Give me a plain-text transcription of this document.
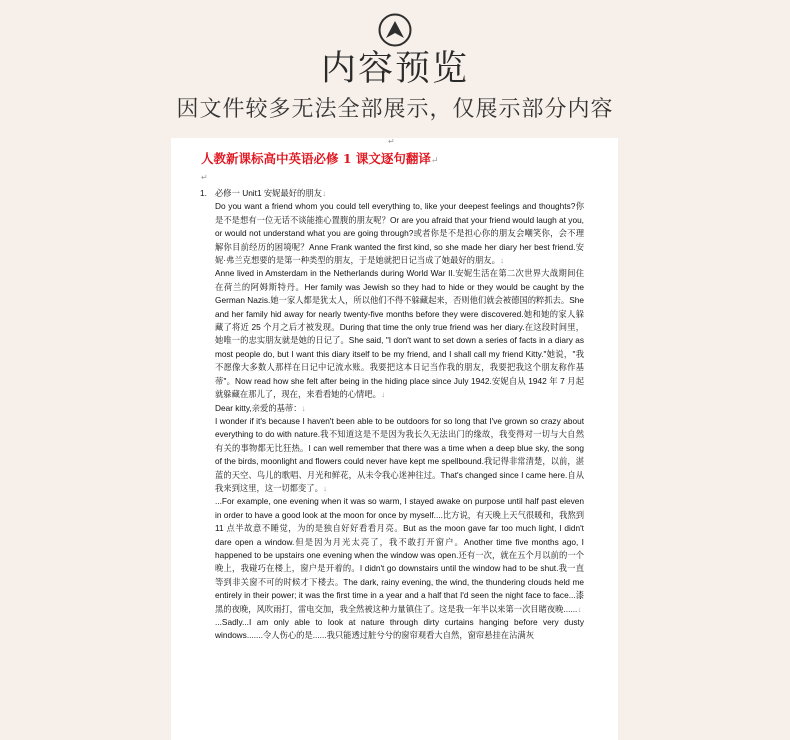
内容预览
因文件较多无法全部展示，仅展示部分内容
↵
人教新课标高中英语必修 1 课文逐句翻译↵
↵
1. 必修一 Unit1 安妮最好的朋友↓

Do you want a friend whom you could tell everything to, like your deepest feelings and thoughts?你是不是想有一位无话不谈能推心置腹的朋友呢？Or are you afraid that your friend would laugh at you, or would not understand what you are going through?或者你是不是担心你的朋友会嘲笑你，会不理解你目前经历的困境呢？Anne Frank wanted the first kind, so she made her diary her best friend.安妮·弗兰克想要的是第一种类型的朋友，于是她就把日记当成了她最好的朋友。↓

Anne lived in Amsterdam in the Netherlands during World War II.安妮生活在第二次世界大战期间住在荷兰的阿姆斯特丹。Her family was Jewish so they had to hide or they would be caught by the German Nazis.她一家人都是犹太人，所以他们不得不躲藏起来，否则他们就会被德国的粹抓去。She and her family hid away for nearly twenty-five months before they were discovered.她和她的家人躲藏了将近 25 个月之后才被发现。During that time the only true friend was her diary.在这段时间里，她唯一的忠实朋友就是她的日记了。She said, "I don't want to set down a series of facts in a diary as most people do, but I want this diary itself to be my friend, and I shall call my friend Kitty."她说，"我不愿像大多数人那样在日记中记流水账。我要把这本日记当作我的朋友，我要把我这个朋友称作基蒂"。Now read how she felt after being in the hiding place since July 1942.安妮自从 1942 年 7 月起就躲藏在那儿了，现在，来看看她的心情吧。↓

Dear kitty,亲爱的基蒂：↓

I wonder if it's because I haven't been able to be outdoors for so long that I've grown so crazy about everything to do with nature.我不知道这是不是因为我长久无法出门的缘故，我变得对一切与大自然有关的事物都无比狂热。I can well remember that there was a time when a deep blue sky, the song of the birds, moonlight and flowers could never have kept me spellbound.我记得非常清楚，以前，湛蓝的天空、鸟儿的歌唱、月光和鲜花，从未令我心迷神往过。That's changed since I came here.自从我来到这里，这一切都变了。↓

...For example, one evening when it was so warm, I stayed awake on purpose until half past eleven in order to have a good look at the moon for once by myself....比方说，有天晚上天气很暖和，我熬到 11 点半故意不睡觉，为的是独自好好看看月亮。But as the moon gave far too much light, I didn't dare open a window.但是因为月光太亮了，我不敢打开窗户。Another time five months ago, I happened to be upstairs one evening when the window was open.还有一次，就在五个月以前的一个晚上，我碰巧在楼上，窗户是开着的。I didn't go downstairs until the window had to be shut.我一直等到非关窗不可的时候才下楼去。The dark, rainy evening, the wind, the thundering clouds held me entirely in their power; it was the first time in a year and a half that I'd seen the night face to face...漆黑的夜晚，风吹雨打，雷电交加，我全然被这种力量镇住了。这是我一年半以来第一次目睹夜晚......↓

...Sadly...I am only able to look at nature through dirty curtains hanging before very dusty windows.......令人伤心的是......我只能透过脏兮兮的窗帘观看大自然，窗帘悬挂在沾满灰
